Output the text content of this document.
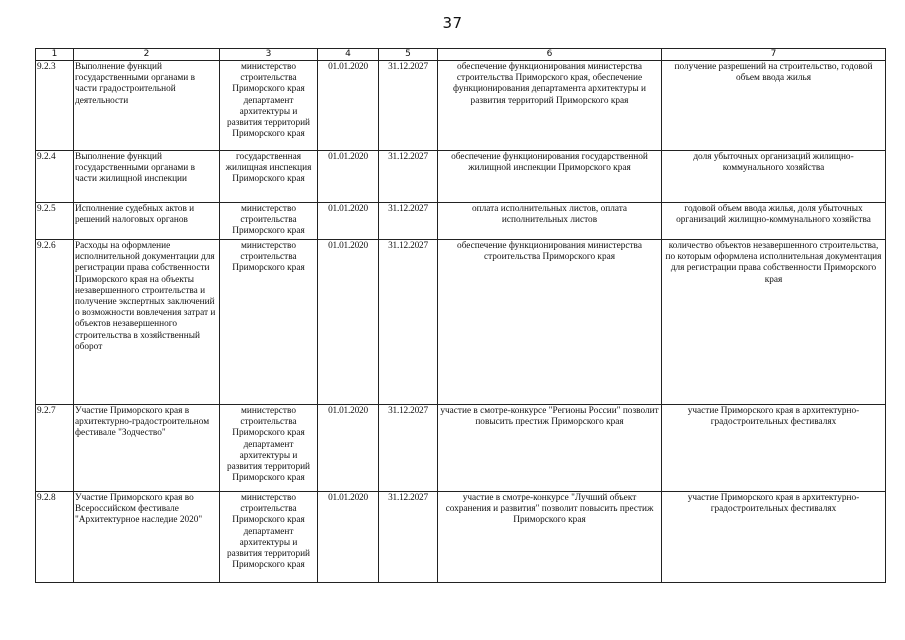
37
1	2	3	4	5	6	7
9.2.3	Выполнение функций государственными органами в части градостроительной деятельности	министерство строительства Приморского края департамент архитектуры и развития территорий Приморского края	01.01.2020	31.12.2027	обеспечение функционирования министерства строительства Приморского края, обеспечение функционирования департамента архитектуры и развития территорий Приморского края	получение разрешений на строительство, годовой объем ввода жилья
9.2.4	Выполнение функций государственными органами в части жилищной инспекции	государственная жилищная инспекция Приморского края	01.01.2020	31.12.2027	обеспечение функционирования государственной жилищной инспекции Приморского края	доля убыточных организаций жилищно-коммунального хозяйства
9.2.5	Исполнение судебных актов и решений налоговых органов	министерство строительства Приморского края	01.01.2020	31.12.2027	оплата исполнительных листов, оплата исполнительных листов	годовой объем ввода жилья, доля убыточных организаций жилищно-коммунального хозяйства
9.2.6	Расходы на оформление исполнительной документации для регистрации права собственности Приморского края на объекты незавершенного строительства и получение экспертных заключений о возможности вовлечения затрат и объектов незавершенного строительства в хозяйственный оборот	министерство строительства Приморского края	01.01.2020	31.12.2027	обеспечение функционирования министерства строительства Приморского края	количество объектов незавершенного строительства, по которым оформлена исполнительная документация для регистрации права собственности Приморского края
9.2.7	Участие Приморского края в архитектурно-градостроительном фестивале "Зодчество"	министерство строительства Приморского края департамент архитектуры и развития территорий Приморского края	01.01.2020	31.12.2027	участие в смотре-конкурсе "Регионы России" позволит повысить престиж Приморского края	участие Приморского края в архитектурно-градостроительных фестивалях
9.2.8	Участие Приморского края во Всероссийском фестивале "Архитектурное наследие 2020"	министерство строительства Приморского края департамент архитектуры и развития территорий Приморского края	01.01.2020	31.12.2027	участие в смотре-конкурсе "Лучший объект сохранения и развития" позволит повысить престиж Приморского края	участие Приморского края в архитектурно-градостроительных фестивалях
